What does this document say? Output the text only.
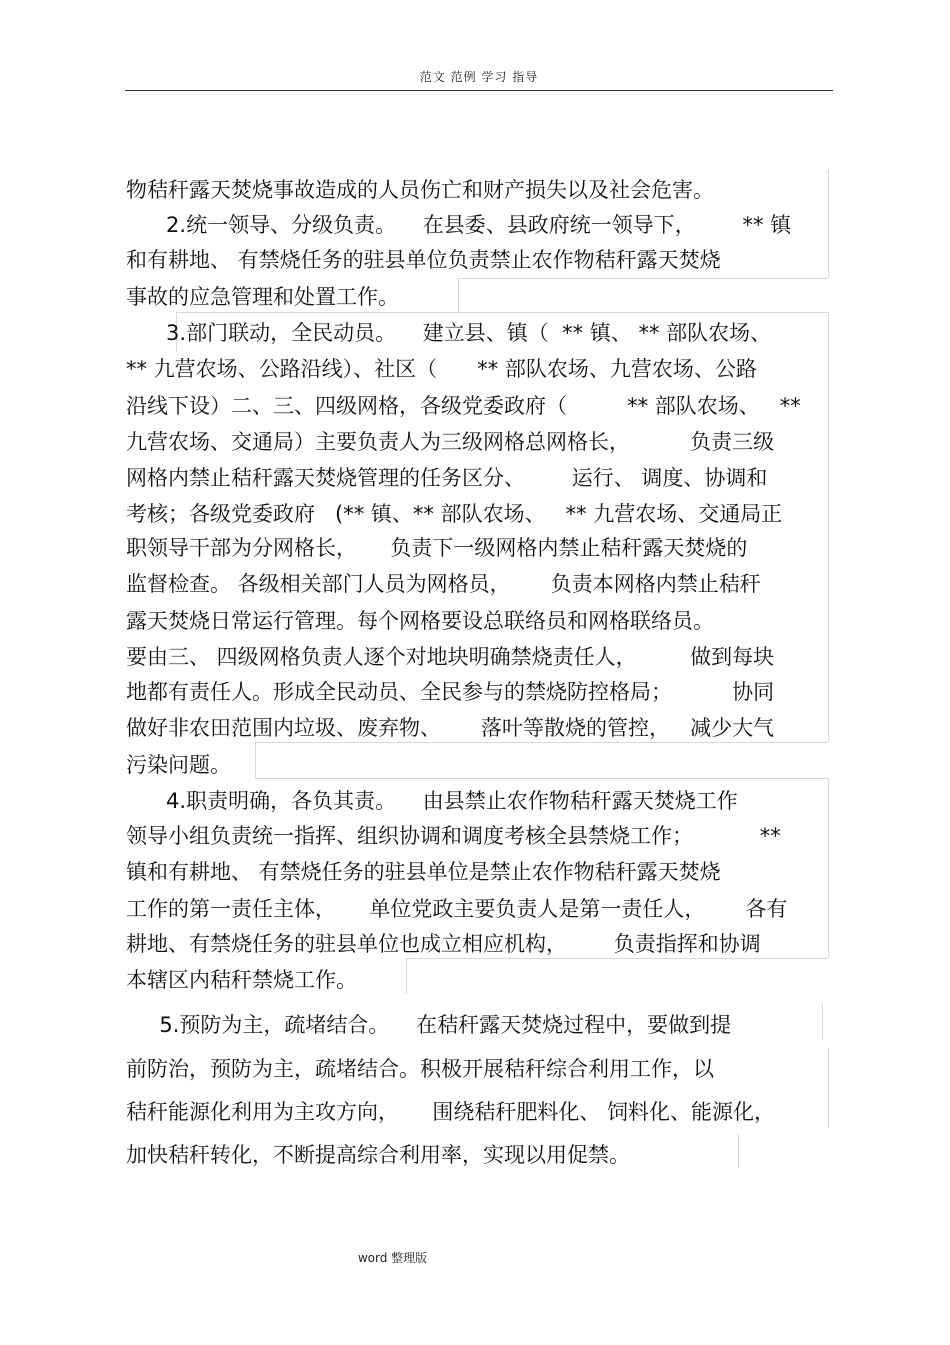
范文 范例 学习 指导
物秸秆露天焚烧事故造成的人员伤亡和财产损失以及社会危害。
2.统一领导、分级负责。    在县委、县政府统一领导下，       ** 镇
和有耕地、 有禁烧任务的驻县单位负责禁止农作物秸秆露天焚烧
事故的应急管理和处置工作。
3.部门联动，全民动员。    建立县、镇（  ** 镇、 ** 部队农场、
** 九营农场、公路沿线）、社区（      ** 部队农场、九营农场、公路
沿线下设）二、三、四级网格，各级党委政府（         ** 部队农场、   **
九营农场、交通局）主要负责人为三级网格总网格长，         负责三级
网格内禁止秸秆露天焚烧管理的任务区分、       运行、 调度、协调和
考核；各级党委政府   (** 镇、** 部队农场、   ** 九营农场、交通局正
职领导干部为分网格长，     负责下一级网格内禁止秸秆露天焚烧的
监督检查。 各级相关部门人员为网格员，      负责本网格内禁止秸秆
露天焚烧日常运行管理。每个网格要设总联络员和网格联络员。
要由三、 四级网格负责人逐个对地块明确禁烧责任人，        做到每块
地都有责任人。形成全民动员、全民参与的禁烧防控格局；         协同
做好非农田范围内垃圾、废弃物、      落叶等散烧的管控，   减少大气
污染问题。
4.职责明确，各负其责。    由县禁止农作物秸秆露天焚烧工作
领导小组负责统一指挥、组织协调和调度考核全县禁烧工作；          **
镇和有耕地、 有禁烧任务的驻县单位是禁止农作物秸秆露天焚烧
工作的第一责任主体，     单位党政主要负责人是第一责任人，      各有
耕地、有禁烧任务的驻县单位也成立相应机构，       负责指挥和协调
本辖区内秸秆禁烧工作。
5.预防为主，疏堵结合。    在秸秆露天焚烧过程中，要做到提
前防治，预防为主，疏堵结合。积极开展秸秆综合利用工作，以
秸秆能源化利用为主攻方向，     围绕秸秆肥料化、 饲料化、能源化，
加快秸秆转化，不断提高综合利用率，实现以用促禁。
word 整理版
